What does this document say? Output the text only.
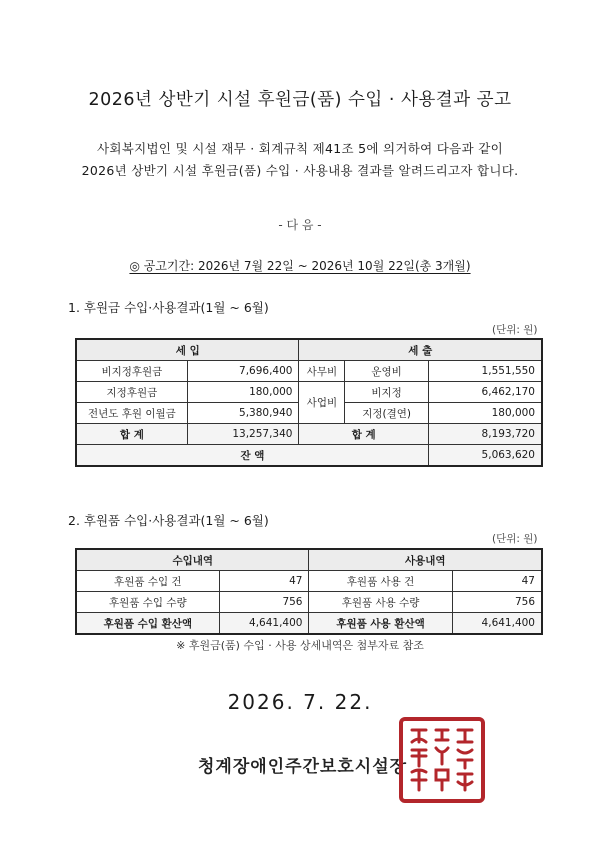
2026년 상반기 시설 후원금(품) 수입 · 사용결과 공고
사회복지법인 및 시설 재무 · 회계규칙 제41조 5에 의거하여 다음과 같이
2026년 상반기 시설 후원금(품) 수입 · 사용내용 결과를 알려드리고자 합니다.
- 다 음 -
◎ 공고기간: 2026년 7월 22일 ~ 2026년 10월 22일(총 3개월)
1. 후원금 수입·사용결과(1월 ~ 6월)
(단위: 원)
세 입		세 출		
비지정후원금	7,696,400	사무비	운영비	1,551,550
지정후원금	180,000	사업비	비지정	6,462,170
전년도 후원 이월금	5,380,940		지정(결연)	180,000
합 계	13,257,340	합 계		8,193,720
잔 액				5,063,620
2. 후원품 수입·사용결과(1월 ~ 6월)
(단위: 원)
수입내역		사용내역	
후원품 수입 건	47	후원품 사용 건	47
후원품 수입 수량	756	후원품 사용 수량	756
후원품 수입 환산액	4,641,400	후원품 사용 환산액	4,641,400
※ 후원금(품) 수입 · 사용 상세내역은 첨부자료 참조
2026. 7. 22.
청계장애인주간보호시설장
